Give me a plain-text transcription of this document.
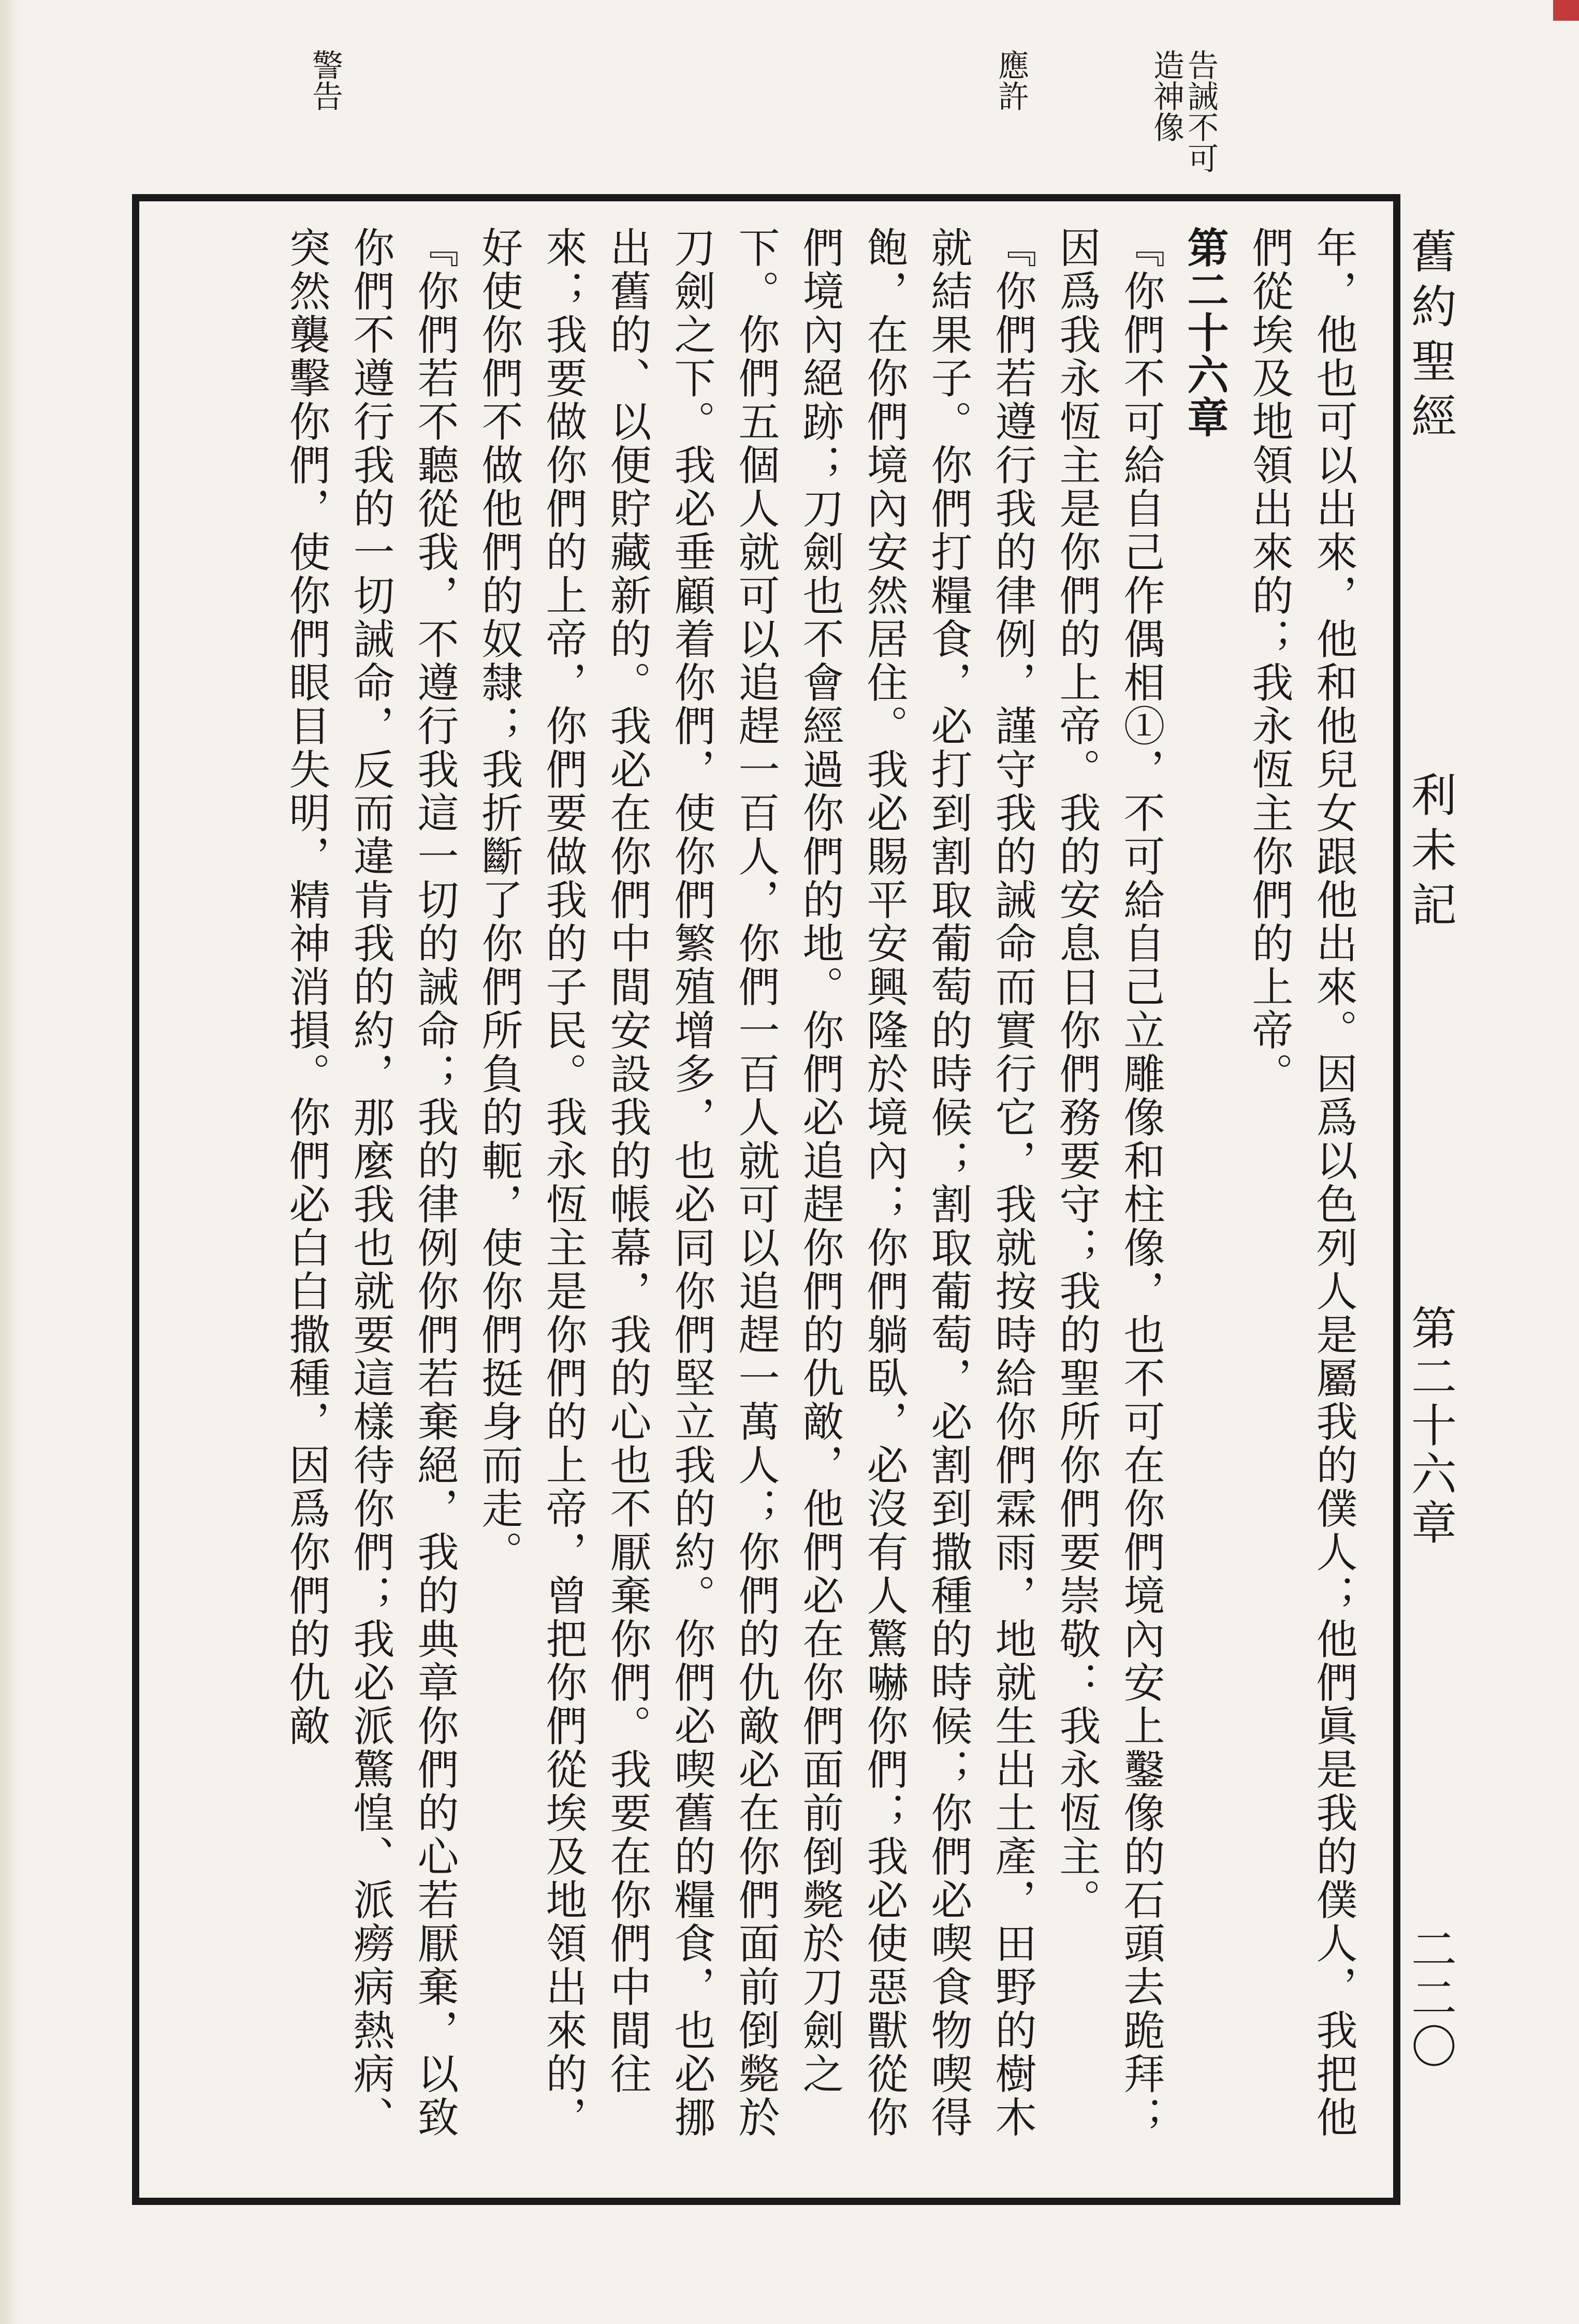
舊約聖經
利未記
第二十六章
二二〇
告誡不可
造神像
應許
警告
年，他也可以出來，他和他兒女跟他出來。因爲以色列人是屬我的僕人；他們眞是我的僕人，我把他們從埃及地領出來的；我永恆主你們的上帝。
第二十六章
『你們不可給自己作偶相①，不可給自己立雕像和柱像，也不可在你們境內安上鑿像的石頭去跪拜；因爲我永恆主是你們的上帝。我的安息日你們務要守；我的聖所你們要崇敬：我永恆主。
『你們若遵行我的律例，謹守我的誡命而實行它，我就按時給你們霖雨，地就生出土產，田野的樹木就結果子。你們打糧食，必打到割取葡萄的時候；割取葡萄，必割到撒種的時候；你們必喫食物喫得飽，在你們境內安然居住。我必賜平安興隆於境內；你們躺臥，必沒有人驚嚇你們；我必使惡獸從你們境內絕跡；刀劍也不會經過你們的地。你們必追趕你們的仇敵，他們必在你們面前倒斃於刀劍之下。你們五個人就可以追趕一百人，你們一百人就可以追趕一萬人；你們的仇敵必在你們面前倒斃於刀劍之下。我必垂顧着你們，使你們繁殖增多，也必同你們堅立我的約。你們必喫舊的糧食，也必挪出舊的、以便貯藏新的。我必在你們中間安設我的帳幕，我的心也不厭棄你們。我要在你們中間往來；我要做你們的上帝，你們要做我的子民。我永恆主是你們的上帝，曾把你們從埃及地領出來的，好使你們不做他們的奴隸；我折斷了你們所負的軛，使你們挺身而走。
『你們若不聽從我，不遵行我這一切的誡命；我的律例你們若棄絕，我的典章你們的心若厭棄，以致你們不遵行我的一切誡命，反而違肯我的約，那麼我也就要這樣待你們；我必派驚惶、派癆病熱病、突然襲擊你們，使你們眼目失明，精神消損。你們必白白撒種，因爲你們的仇敵
